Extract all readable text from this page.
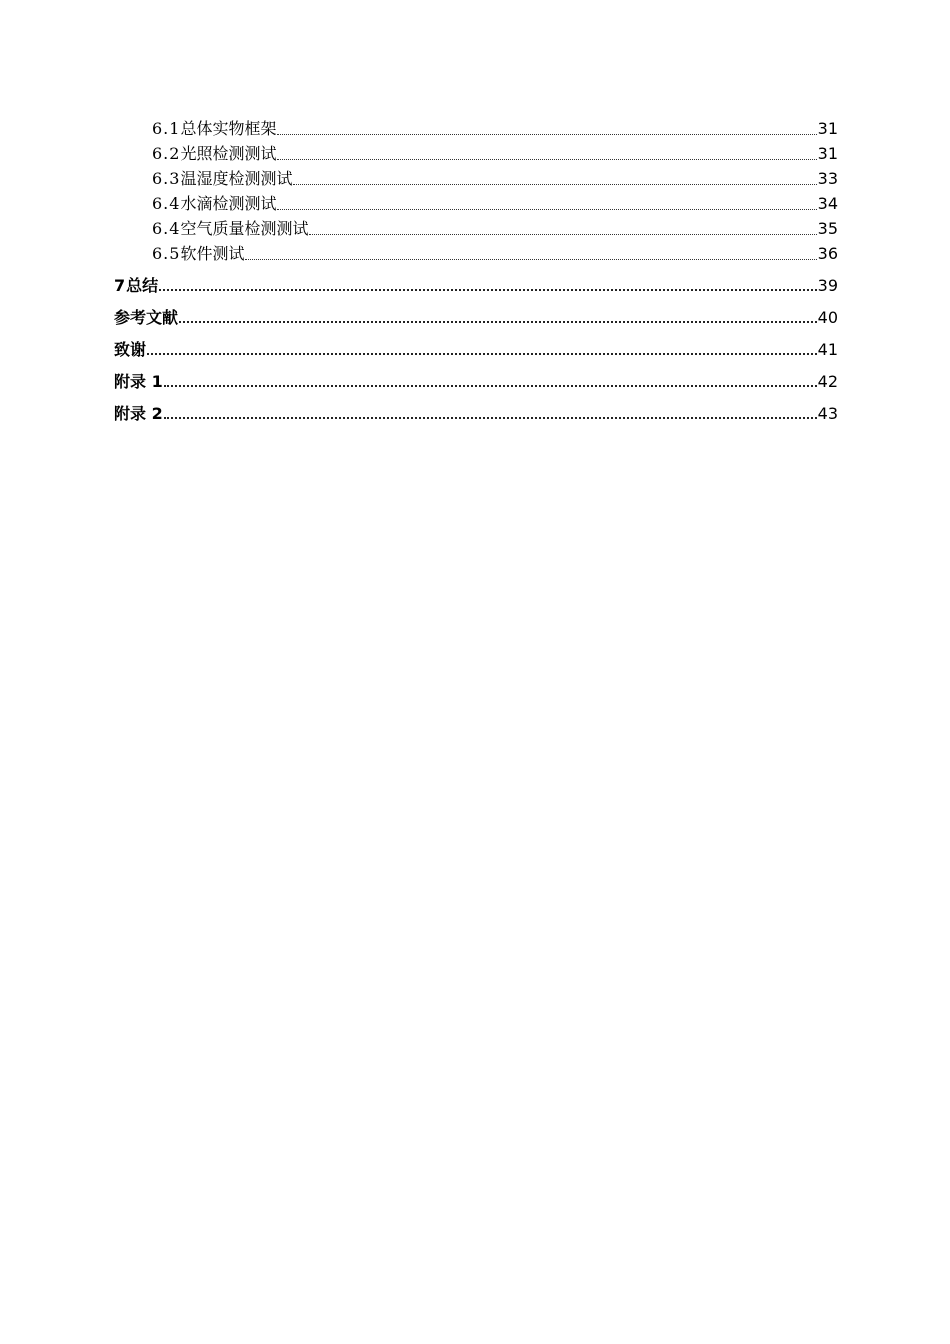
6.1 总体实物框架	31
6.2 光照检测测试	31
6.3 温湿度检测测试	33
6.4 水滴检测测试	34
6.4 空气质量检测测试	35
6.5 软件测试	36
7 总结	39
参考文献	40
致谢	41
附录 1	42
附录 2	43
